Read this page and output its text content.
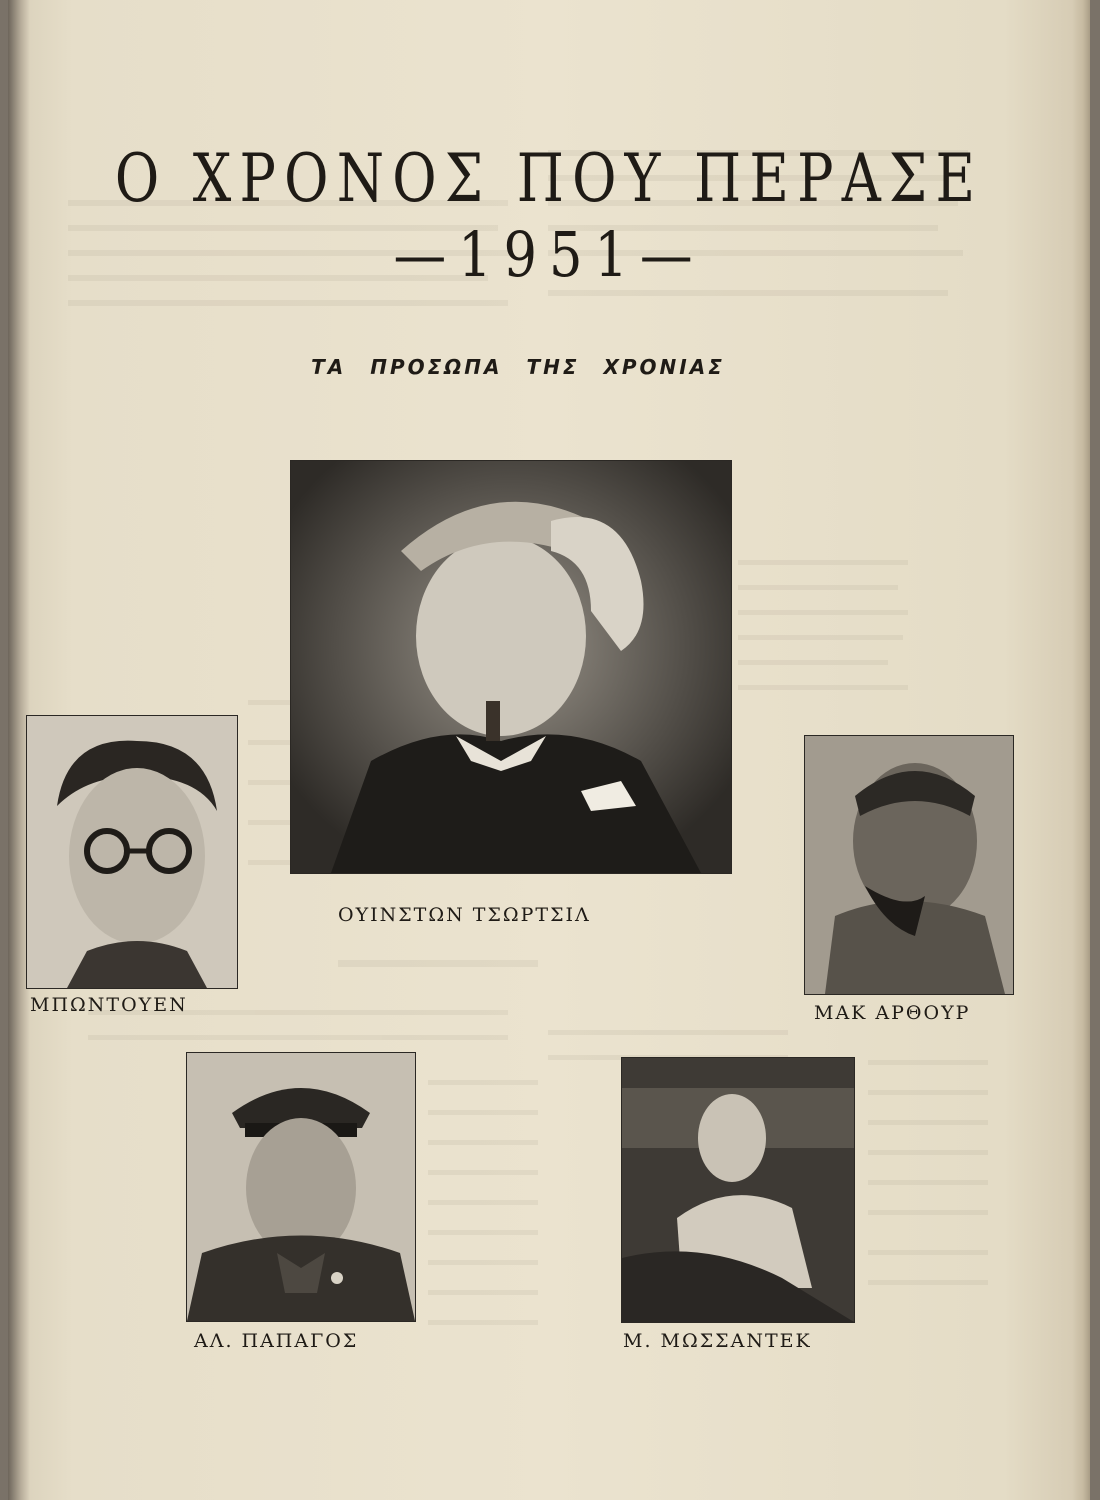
Ο ΧΡΟΝΟΣ ΠΟΥ ΠΕΡΑΣΕ
—1951—
ΤΑ ΠΡΟΣΩΠΑ ΤΗΣ ΧΡΟΝΙΑΣ
ΟΥΙΝΣΤΩΝ ΤΣΩΡΤΣΙΛ
ΜΠΩΝΤΟΥΕΝ	ΜΑΚ ΑΡΘΟΥΡ
ΑΛ. ΠΑΠΑΓΟΣ	Μ. ΜΩΣΣΑΝΤΕΚ
